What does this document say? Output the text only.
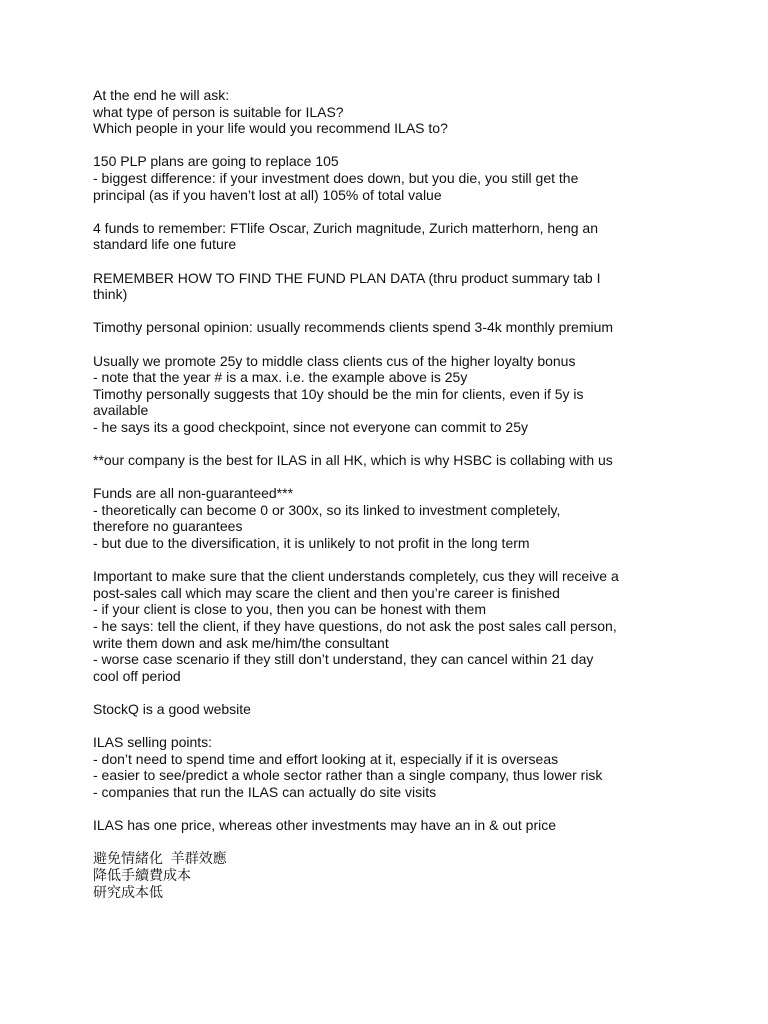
At the end he will ask:
what type of person is suitable for ILAS?
Which people in your life would you recommend ILAS to?
150 PLP plans are going to replace 105
- biggest difference: if your investment does down, but you die, you still get the
principal (as if you haven’t lost at all) 105% of total value
4 funds to remember: FTlife Oscar, Zurich magnitude, Zurich matterhorn, heng an
standard life one future
REMEMBER HOW TO FIND THE FUND PLAN DATA (thru product summary tab I
think)
Timothy personal opinion: usually recommends clients spend 3-4k monthly premium
Usually we promote 25y to middle class clients cus of the higher loyalty bonus
- note that the year # is a max. i.e. the example above is 25y
Timothy personally suggests that 10y should be the min for clients, even if 5y is
available
- he says its a good checkpoint, since not everyone can commit to 25y
**our company is the best for ILAS in all HK, which is why HSBC is collabing with us
Funds are all non-guaranteed***
- theoretically can become 0 or 300x, so its linked to investment completely,
therefore no guarantees
- but due to the diversification, it is unlikely to not profit in the long term
Important to make sure that the client understands completely, cus they will receive a
post-sales call which may scare the client and then you’re career is finished
- if your client is close to you, then you can be honest with them
- he says: tell the client, if they have questions, do not ask the post sales call person,
write them down and ask me/him/the consultant
- worse case scenario if they still don’t understand, they can cancel within 21 day
cool off period
StockQ is a good website
ILAS selling points:
- don’t need to spend time and effort looking at it, especially if it is overseas
- easier to see/predict a whole sector rather than a single company, thus lower risk
- companies that run the ILAS can actually do site visits
ILAS has one price, whereas other investments may have an in & out price
避免情緒化  羊群效應
降低手續費成本
研究成本低
